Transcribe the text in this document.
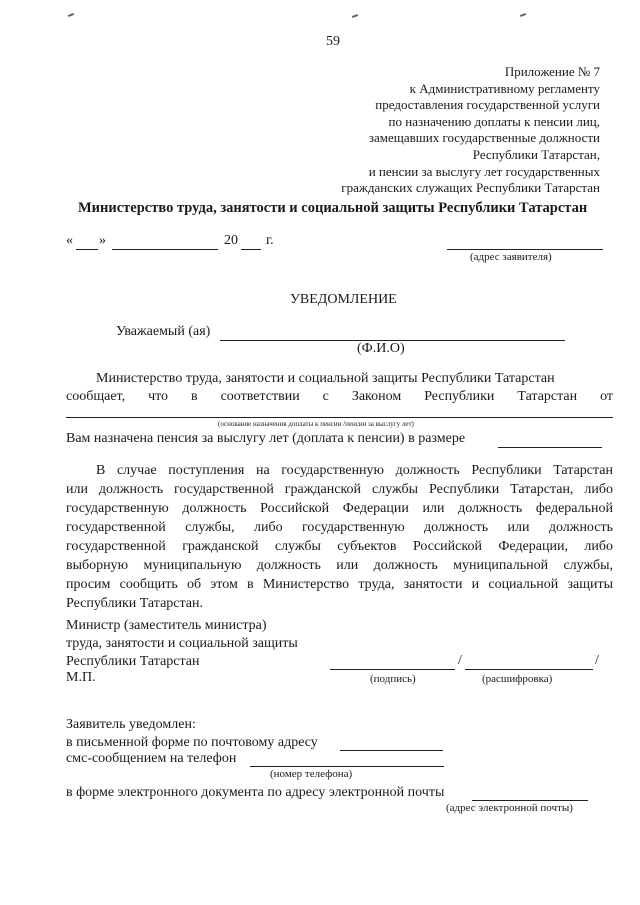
59
Приложение № 7
к Административному регламенту
предоставления государственной услуги
по назначению доплаты к пенсии лиц,
замещавших государственные должности
Республики Татарстан,
и пенсии за выслугу лет государственных
гражданских служащих Республики Татарстан
Министерство труда, занятости и социальной защиты Республики Татарстан
« »	20 г.
(адрес заявителя)
УВЕДОМЛЕНИЕ
Уважаемый (ая)
(Ф.И.О)
Министерство труда, занятости и социальной защиты Республики Татарстан
сообщает, что в соответствии с Законом Республики Татарстан от
(основание назначения доплаты к пенсии /пенсии за выслугу лет)
Вам назначена пенсия за выслугу лет (доплата к пенсии) в размере
В случае поступления на государственную должность Республики Татарстан
или должность государственной гражданской службы Республики Татарстан, либо
государственную должность Российской Федерации или должность федеральной
государственной службы, либо государственную должность или должность
государственной гражданской службы субъектов Российской Федерации, либо
выборную муниципальную должность или должность муниципальной службы,
просим сообщить об этом в Министерство труда, занятости и социальной защиты
Республики Татарстан.
Министр (заместитель министра)
труда, занятости и социальной защиты
Республики Татарстан
М.П.
/	/
(подпись)	(расшифровка)
Заявитель уведомлен:
в письменной форме по почтовому адресу
смс-сообщением на телефон
(номер телефона)
в форме электронного документа по адресу электронной почты
(адрес электронной почты)
